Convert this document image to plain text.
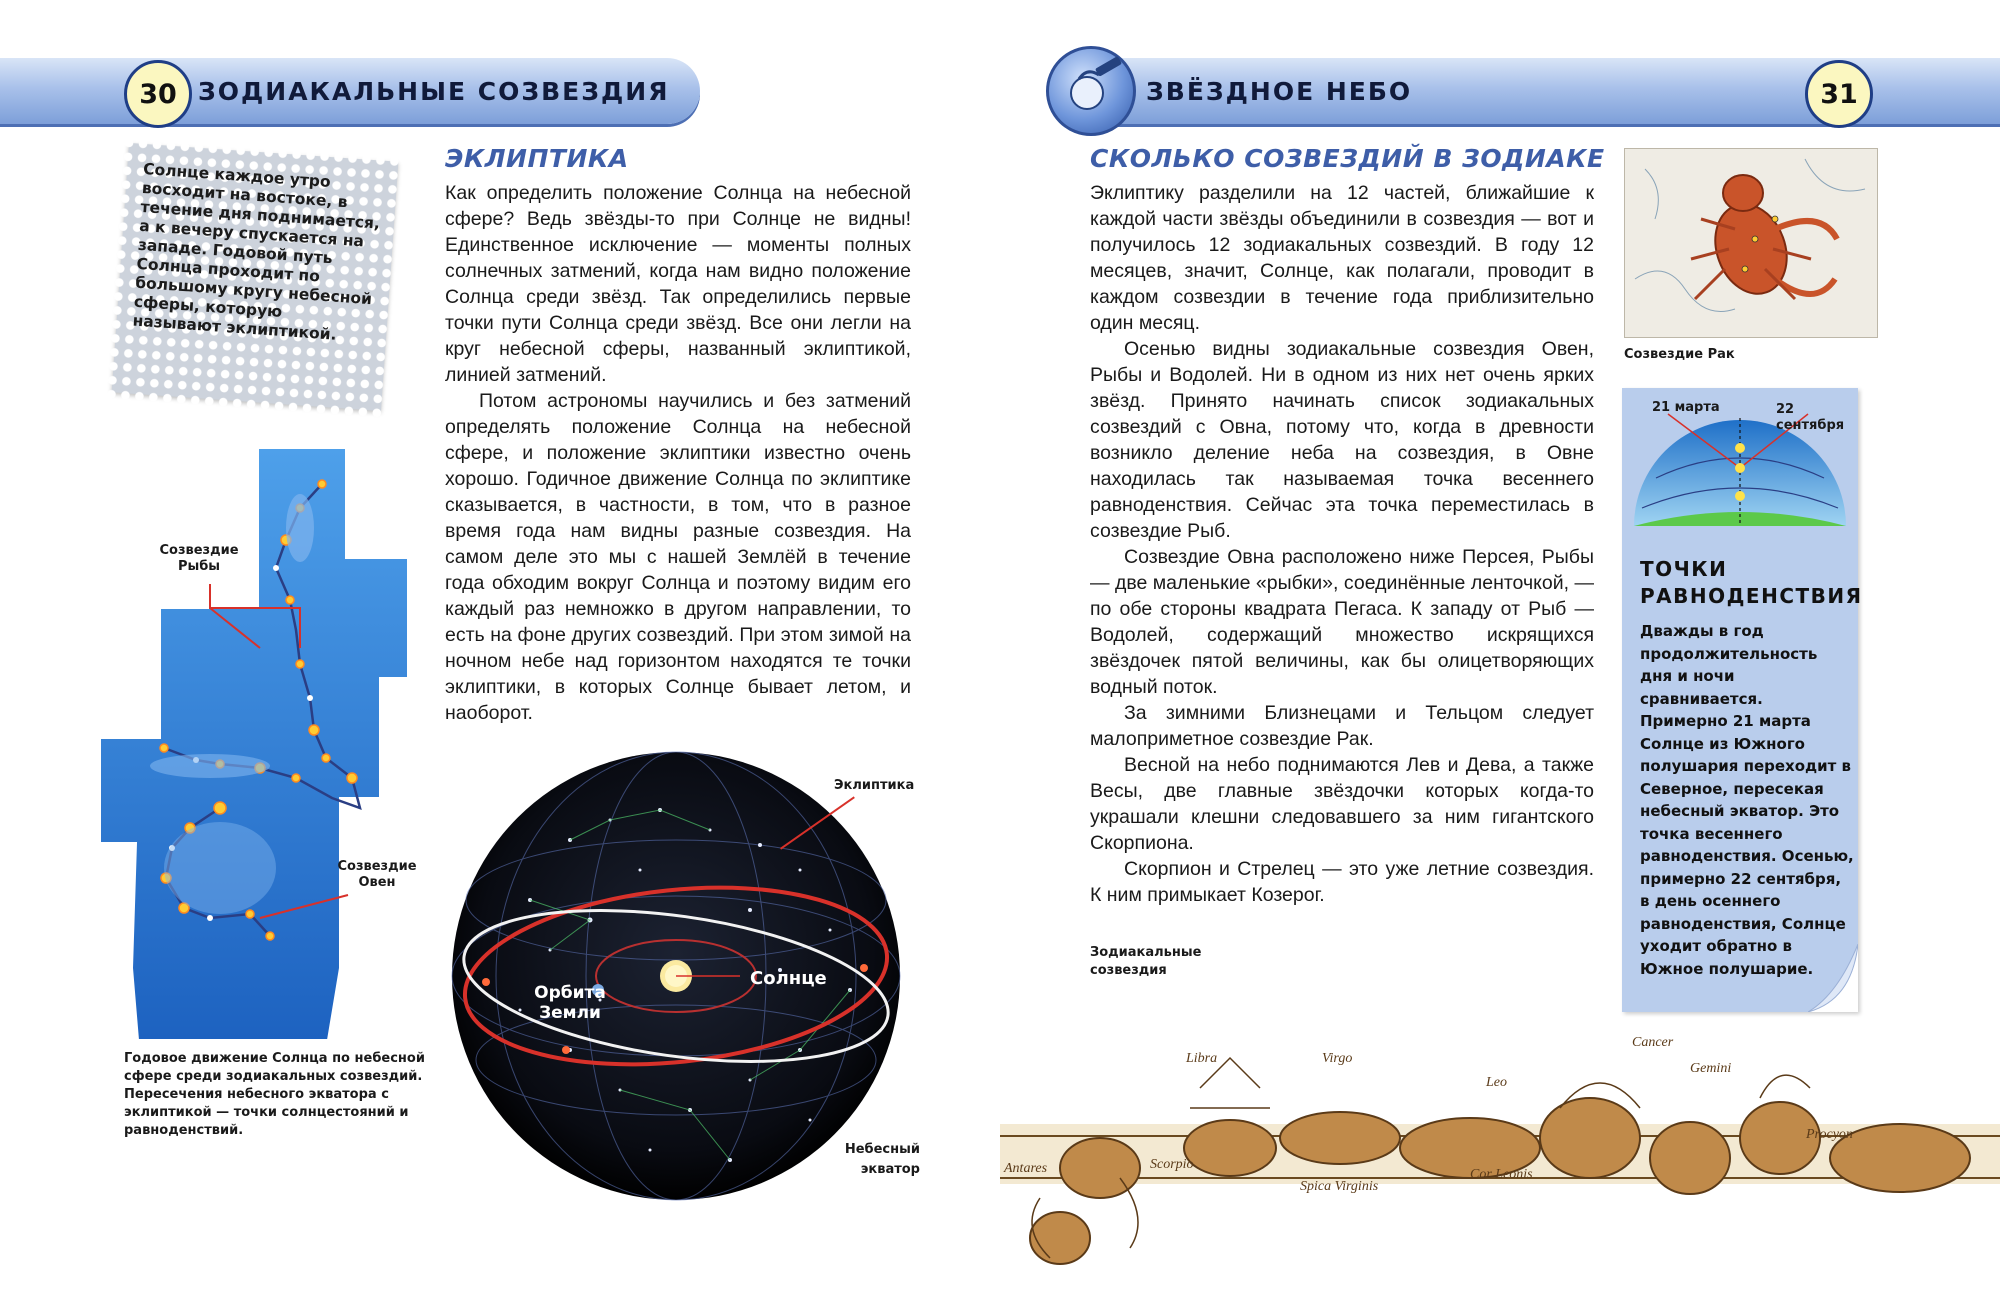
30 ЗОДИАКАЛЬНЫЕ СОЗВЕЗДИЯ	ЗВЁЗДНОЕ НЕБО	31
Солнце каждое утро восходит на востоке, в течение дня поднимается, а к вечеру спускается на западе. Годовой путь Солнца проходит по большому кругу небесной сферы, которую называют эклиптикой.
ЭКЛИПТИКА

Как определить положение Солнца на небесной сфере? Ведь звёзды-то при Солнце не видны! Единственное исключение — моменты полных солнечных затмений, когда нам видно положение Солнца среди звёзд. Так определились первые точки пути Солнца среди звёзд. Все они легли на круг небесной сферы, названный эклиптикой, линией затмений.

Потом астрономы научились и без затмений определять положение Солнца на небесной сфере, и положение эклиптики известно очень хорошо. Годичное движение Солнца по эклиптике сказывается, в частности, в том, что в разное время года нам видны разные созвездия. На самом деле это мы с нашей Землёй в течение года обходим вокруг Солнца и поэтому видим его каждый раз немножко в другом направлении, то есть на фоне других созвездий. При этом зимой на ночном небе над горизонтом находятся те точки эклиптики, в которых Солнце бывает летом, и наоборот.

Созвездие Рыбы
Созвездие Овен
Годовое движение Солнца по небесной сфере среди зодиакальных созвездий. Пересечения небесного экватора с эклиптикой — точки солнцестояний и равноденствий.
Эклиптика
Солнце
Орбита Земли
Небесный экватор
СКОЛЬКО СОЗВЕЗДИЙ В ЗОДИАКЕ

Эклиптику разделили на 12 частей, ближайшие к каждой части звёзды объединили в созвездия — вот и получилось 12 зодиакальных созвездий. В году 12 месяцев, значит, Солнце, как полагали, проводит в каждом созвездии в течение года приблизительно один месяц.

Осенью видны зодиакальные созвездия Овен, Рыбы и Водолей. Ни в одном из них нет очень ярких звёзд. Принято начинать список зодиакальных созвездий с Овна, потому что, когда в древности возникло деление неба на созвездия, в Овне находилась так называемая точка весеннего равноденствия. Сейчас эта точка переместилась в созвездие Рыб.

Созвездие Овна расположено ниже Персея, Рыбы — две маленькие «рыбки», соединённые ленточкой, — по обе стороны квадрата Пегаса. К западу от Рыб — Водолей, содержащий множество искрящихся звёздочек пятой величины, как бы олицетворяющих водный поток.

За зимними Близнецами и Тельцом следует малоприметное созвездие Рак.

Весной на небо поднимаются Лев и Дева, а также Весы, две главные звёздочки которых когда-то украшали клешни следовавшего за ним гигантского Скорпиона.

Скорпион и Стрелец — это уже летние созвездия. К ним примыкает Козерог.

Созвездие Рак
21 марта	22 сентября
ТОЧКИ РАВНОДЕНСТВИЯ
Дважды в год продолжительность дня и ночи сравнивается. Примерно 21 марта Солнце из Южного полушария переходит в Северное, пересекая небесный экватор. Это точка весеннего равноденствия. Осенью, примерно 22 сентября, в день осеннего равноденствия, Солнце уходит обратно в Южное полушарие.
Зодиакальные созвездия
Libra	Virgo
Leo
Cancer
Gemini
Scorpio
Spica Virginis
Cor Leonis
Procyon
Antares
